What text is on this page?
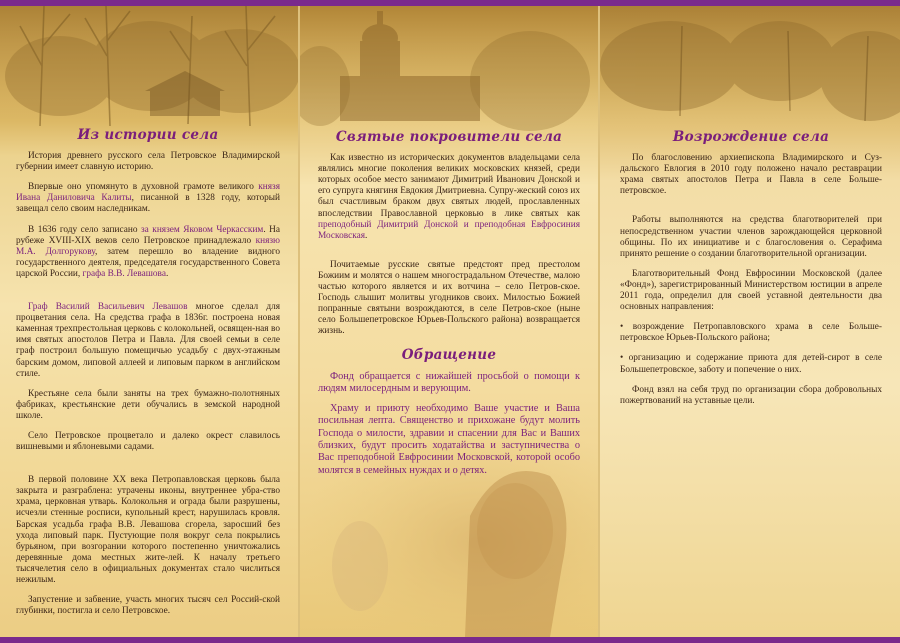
Из истории села

История древнего русского села Петровское Владимирской губернии имеет славную историю.

Впервые оно упомянуто в духовной грамоте великого князя Ивана Даниловича Калиты, писанной в 1328 году, который завещал село своим наследникам.

В 1636 году село записано за князем Яковом Черкасским. На рубеже XVIII-XIX веков село Петровское принадлежало князю М.А. Долгорукову, затем перешло во владение видного государственного деятеля, председателя государственного Совета царской России, графа В.В. Левашова.

Граф Василий Васильевич Левашов многое сделал для процветания села. На средства графа в 1836г. построена новая каменная трехпрестольная церковь с колокольней, освящен-ная во имя святых апостолов Петра и Павла. Для своей семьи в селе граф построил большую помещичью усадьбу с двух-этажным барским домом, липовой аллеей и липовым парком в английском стиле.

Крестьяне села были заняты на трех бумажно-полотняных фабриках, крестьянские дети обучались в земской народной школе.

Село Петровское процветало и далеко окрест славилось вишневыми и яблоневыми садами.

В первой половине XX века Петропавловская церковь была закрыта и разграблена: утрачены иконы, внутреннее убра-ство храма, церковная утварь. Колокольня и ограда были разрушены, исчезли стенные росписи, купольный крест, нарушилась кровля. Барская усадьба графа В.В. Левашова сгорела, заросший без ухода липовый парк. Пустующие поля вокруг села покрылись бурьяном, при возгорании которого постепенно уничтожались деревянные дома местных жите-лей. К началу третьего тысячелетия село в официальных документах стало числиться нежилым.

Запустение и забвение, участь многих тысяч сел Россий-ской глубинки, постигла и село Петровское.

Святые покровители села

Как известно из исторических документов владельцами села являлись многие поколения великих московских князей, среди которых особое место занимают Димитрий Иванович Донской и его супруга княгиня Евдокия Дмитриевна. Супру-жеский союз их был счастливым браком двух святых людей, прославленных впоследствии Православной церковью в лике святых как преподобный Димитрий Донской и преподобная Евфросиния Московская.

Почитаемые русские святые предстоят пред престолом Божиим и молятся о нашем многострадальном Отечестве, малою частью которого является и их вотчина – село Петров-ское. Господь слышит молитвы угодников своих. Милостью Божией попранные святыни возрождаются, в селе Петров-ское (ныне село Большепетровское Юрьев-Польского района) возвращается жизнь.

Обращение

Фонд обращается с нижайшей просьбой о помощи к людям милосердным и верующим.

Храму и приюту необходимо Ваше участие и Ваша посильная лепта. Священство и прихожане будут молить Господа о милости, здравии и спасении для Вас и Ваших близких, будут просить ходатайства и заступничества о Вас преподобной Евфросинии Московской, которой особо молятся в семейных нуждах и о детях.

Возрождение села

По благословению архиепископа Владимирского и Суз-дальского Евлогия в 2010 году положено начало реставрации храма святых апостолов Петра и Павла в селе Больше-петровское.

Работы выполняются на средства благотворителей при непосредственном участии членов зарождающейся церковной общины. По их инициативе и с благословения о. Серафима принято решение о создании благотворительной организации.

Благотворительный Фонд Евфросинии Московской (далее «Фонд»), зарегистрированный Министерством юстиции в апреле 2011 года, определил для своей уставной деятельности два основных направления:

• возрождение Петропавловского храма в селе Больше-петровское Юрьев-Польского района;

• организацию и содержание приюта для детей-сирот в селе Большепетровское, заботу и попечение о них.

Фонд взял на себя труд по организации сбора добровольных пожертвований на уставные цели.
